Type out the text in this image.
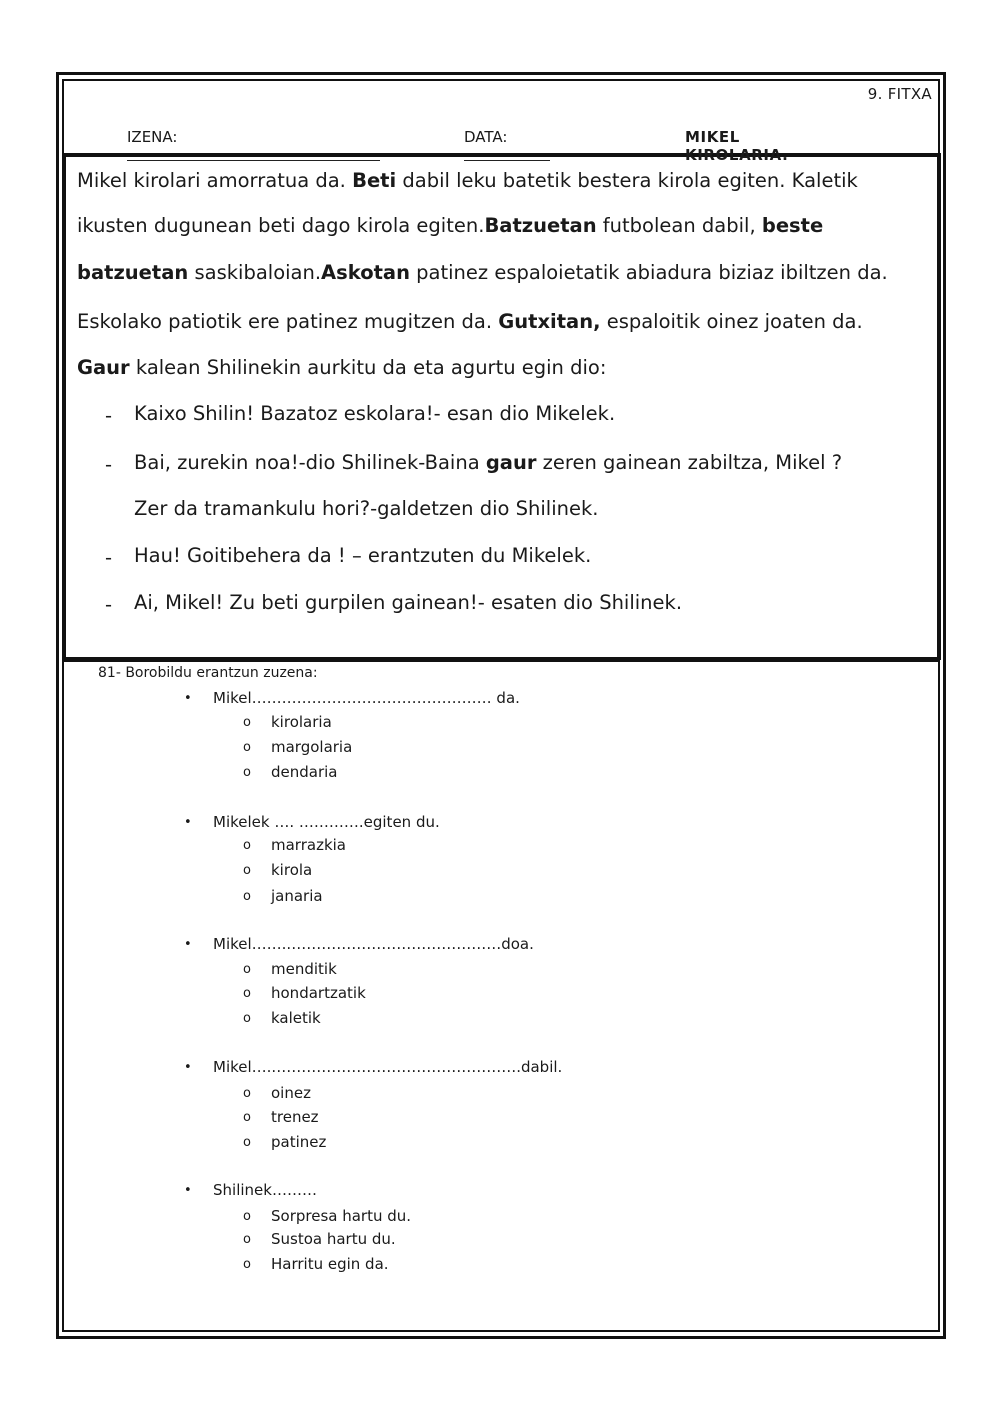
9. FITXA
IZENA:	DATA:	MIKEL KIROLARIA.
Mikel kirolari amorratua da. Beti dabil leku batetik bestera kirola egiten. Kaletik
ikusten dugunean beti dago kirola egiten.Batzuetan futbolean dabil, beste
batzuetan saskibaloian.Askotan patinez espaloietatik abiadura biziaz ibiltzen da.
Eskolako patiotik ere patinez mugitzen da. Gutxitan, espaloitik oinez joaten da.
Gaur kalean Shilinekin aurkitu da eta agurtu egin dio:
- Kaixo Shilin! Bazatoz eskolara!- esan dio Mikelek.
- Bai, zurekin noa!-dio Shilinek-Baina gaur zeren gainean zabiltza, Mikel ?
Zer da tramankulu hori?-galdetzen dio Shilinek.
- Hau! Goitibehera da ! – erantzuten du Mikelek.
- Ai, Mikel! Zu beti gurpilen gainean!- esaten dio Shilinek.
81- Borobildu erantzun zuzena:
• Mikel………………………………………… da.
o kirolaria
o margolaria
o dendaria
• Mikelek …. ………….egiten du.
o marrazkia
o kirola
o janaria
• Mikel……..……………………………………doa.
o menditik
o hondartzatik
o kaletik
• Mikel…..………………………………………….dabil.
o oinez
o trenez
o patinez
• Shilinek………
o Sorpresa hartu du.
o Sustoa hartu du.
o Harritu egin da.
